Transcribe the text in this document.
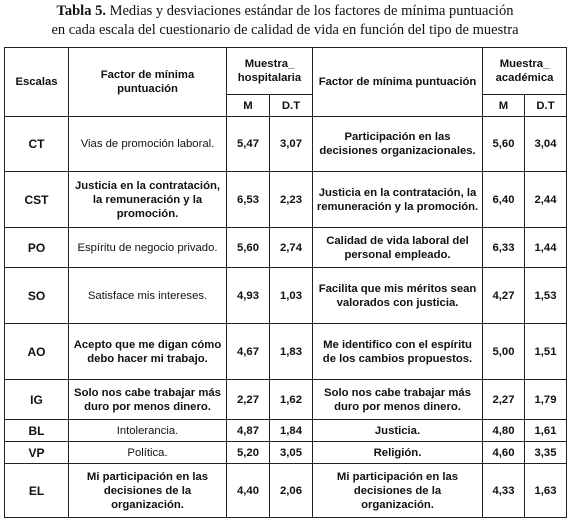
Tabla 5. Medias y desviaciones estándar de los factores de mínima puntuación
en cada escala del cuestionario de calidad de vida en función del tipo de muestra
Escalas	Factor de mínima puntuación	Muestra_ hospitalaria		Factor de mínima puntuación	Muestra_ académica	
		M	D.T		M	D.T
CT	Vias de promoción laboral.	5,47	3,07	Participación en las decisiones organizacionales.	5,60	3,04
CST	Justicia en la contratación, la remuneración y la promoción.	6,53	2,23	Justicia en la contratación, la remuneración y la promoción.	6,40	2,44
PO	Espíritu de negocio privado.	5,60	2,74	Calidad de vida laboral del personal empleado.	6,33	1,44
SO	Satisface mis intereses.	4,93	1,03	Facilita que mis méritos sean valorados con justicia.	4,27	1,53
AO	Acepto que me digan cómo debo hacer mi trabajo.	4,67	1,83	Me identifico con el espíritu de los cambios propuestos.	5,00	1,51
IG	Solo nos cabe trabajar más duro por menos dinero.	2,27	1,62	Solo nos cabe trabajar más duro por menos dinero.	2,27	1,79
BL	Intolerancia.	4,87	1,84	Justicia.	4,80	1,61
VP	Política.	5,20	3,05	Religión.	4,60	3,35
EL	Mi participación en las decisiones de la organización.	4,40	2,06	Mi participación en las decisiones de la organización.	4,33	1,63
